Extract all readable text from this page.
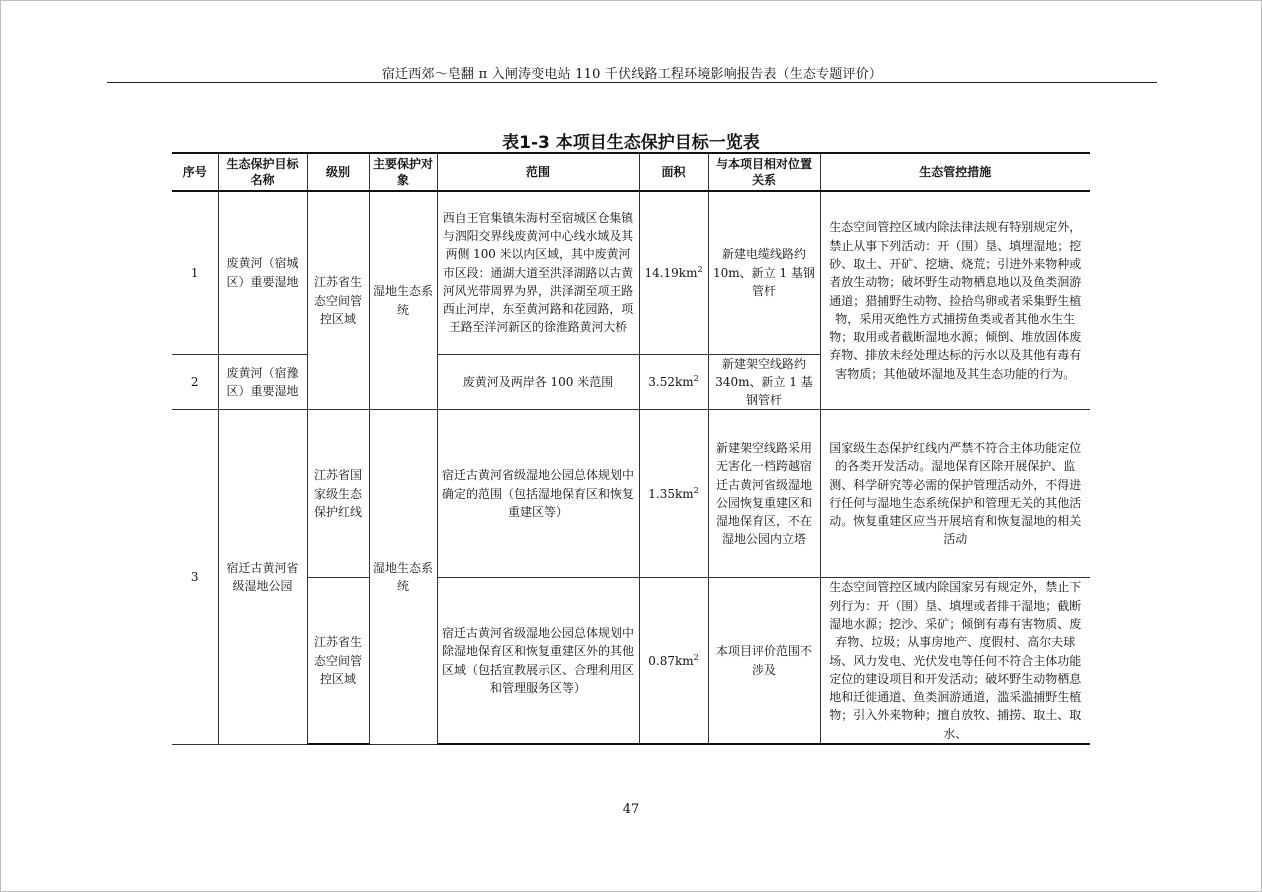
宿迁西郊～皂翻 π 入闸涛变电站 110 千伏线路工程环境影响报告表（生态专题评价）
表1-3 本项目生态保护目标一览表
序号	生态保护目标名称	级别	主要保护对象	范围	面积	与本项目相对位置关系	生态管控措施
1	废黄河（宿城区）重要湿地	江苏省生态空间管控区域	湿地生态系统	西自王官集镇朱海村至宿城区仓集镇与泗阳交界线废黄河中心线水域及其两侧 100 米以内区域，其中废黄河市区段：通湖大道至洪泽湖路以古黄河风光带周界为界，洪泽湖至项王路西止河岸，东至黄河路和花园路，项王路至洋河新区的徐淮路黄河大桥	$14.19km^2$	新建电缆线路约 10m、新立 1 基钢管杆	生态空间管控区域内除法律法规有特别规定外，禁止从事下列活动：开（围）垦、填埋湿地；挖砂、取土、开矿、挖塘、烧荒；引进外来物种或者放生动物；破坏野生动物栖息地以及鱼类洄游通道；猎捕野生动物、捡拾鸟卵或者采集野生植物，采用灭绝性方式捕捞鱼类或者其他水生生物；取用或者截断湿地水源；倾倒、堆放固体废弃物、排放未经处理达标的污水以及其他有毒有害物质；其他破坏湿地及其生态功能的行为。
2	废黄河（宿豫区）重要湿地			废黄河及两岸各 100 米范围	$3.52km^2$	新建架空线路约 340m、新立 1 基钢管杆	
3	宿迁古黄河省级湿地公园	江苏省国家级生态保护红线	湿地生态系统	宿迁古黄河省级湿地公园总体规划中确定的范围（包括湿地保育区和恢复重建区等）	$1.35km^2$	新建架空线路采用无害化一档跨越宿迁古黄河省级湿地公园恢复重建区和湿地保育区，不在湿地公园内立塔	国家级生态保护红线内严禁不符合主体功能定位的各类开发活动。湿地保育区除开展保护、监测、科学研究等必需的保护管理活动外，不得进行任何与湿地生态系统保护和管理无关的其他活动。恢复重建区应当开展培育和恢复湿地的相关活动
		江苏省生态空间管控区域		宿迁古黄河省级湿地公园总体规划中除湿地保育区和恢复重建区外的其他区域（包括宣教展示区、合理利用区和管理服务区等）	$0.87km^2$	本项目评价范围不涉及	生态空间管控区域内除国家另有规定外，禁止下列行为：开（围）垦、填埋或者排干湿地；截断湿地水源；挖沙、采矿；倾倒有毒有害物质、废弃物、垃圾；从事房地产、度假村、高尔夫球场、风力发电、光伏发电等任何不符合主体功能定位的建设项目和开发活动；破坏野生动物栖息地和迁徙通道、鱼类洄游通道，滥采滥捕野生植物；引入外来物种；擅自放牧、捕捞、取土、取水、
47
